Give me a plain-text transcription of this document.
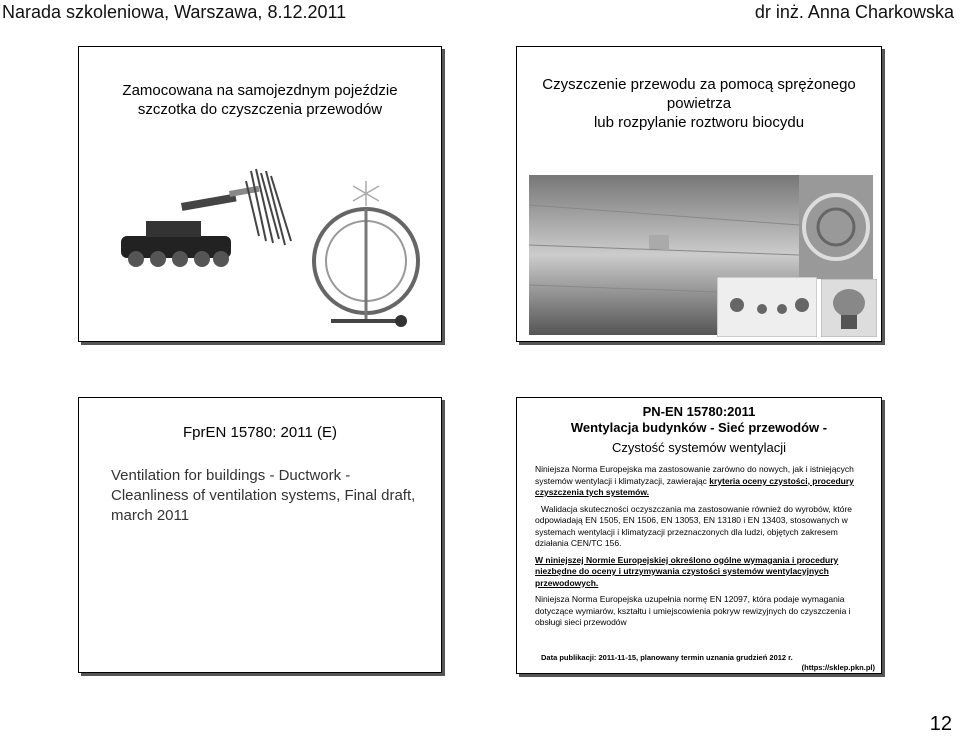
Narada szkoleniowa, Warszawa, 8.12.2011	dr inż. Anna Charkowska
Zamocowana na samojezdnym pojeździe
szczotka do czyszczenia przewodów
Czyszczenie przewodu za pomocą sprężonego
powietrza
lub rozpylanie roztworu biocydu
FprEN 15780: 2011 (E)
Ventilation for buildings - Ductwork - Cleanliness of ventilation systems, Final draft, march 2011
PN-EN 15780:2011
Wentylacja budynków - Sieć przewodów -
Czystość systemów wentylacji

Niniejsza Norma Europejska ma zastosowanie zarówno do nowych, jak i istniejących systemów wentylacji i klimatyzacji, zawierając kryteria oceny czystości, procedury czyszczenia tych systemów.

Walidacja skuteczności oczyszczania ma zastosowanie również do wyrobów, które odpowiadają EN 1505, EN 1506, EN 13053, EN 13180 i EN 13403, stosowanych w systemach wentylacji i klimatyzacji przeznaczonych dla ludzi, objętych zakresem działania CEN/TC 156.

W niniejszej Normie Europejskiej określono ogólne wymagania i procedury niezbędne do oceny i utrzymywania czystości systemów wentylacyjnych przewodowych.

Niniejsza Norma Europejska uzupełnia normę EN 12097, która podaje wymagania dotyczące wymiarów, kształtu i umiejscowienia pokryw rewizyjnych do czyszczenia i obsługi sieci przewodów

Data publikacji: 2011-11-15, planowany termin uznania grudzień 2012 r.
(https://sklep.pkn.pl)
12
